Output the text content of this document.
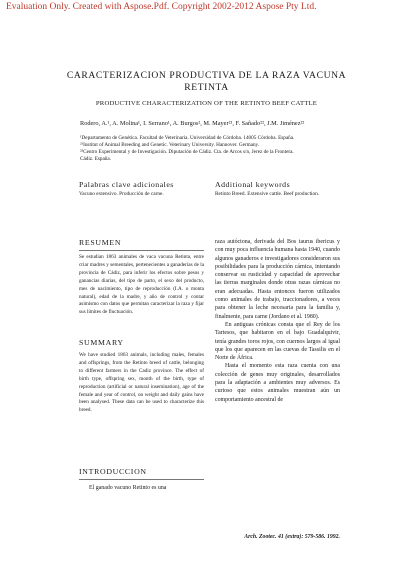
Evaluation Only. Created with Aspose.Pdf. Copyright 2002-2012 Aspose Pty Ltd.
CARACTERIZACION PRODUCTIVA DE LA RAZA VACUNA
RETINTA
PRODUCTIVE CHARACTERIZATION OF THE RETINTO BEEF CATTLE
Rodero, A.¹, A. Molina¹, I. Serrano¹, A. Burgos², M. Mayer²¹, F. Sañado²², J.M. Jiménez²²
¹Departamento de Genética. Facultad de Veterinaria. Universidad de Córdoba. 14005 Córdoba. España.
²¹Institut of Animal Breeding and Genetic. Veterinary University. Hannover. Germany.
²²Centro Experimental y de Investigación. Diputación de Cádiz. Cta. de Arcos s/n, Jerez de la Frontera.
Cádiz. España.
Palabras clave adicionales
Vacuno extensivo. Producción de carne.
Additional keywords
Retinto Breed. Extensive cattle. Beef production.
RESUMEN
Se estudian 1863 animales de vaca vacuna Retinta, entre criar madres y sementales, pertenecientes a ganaderías de la provincia de Cádiz, para inferir los efectos sobre pesos y ganancias diarias, del tipo de parto, el sexo del producto, mes de nacimiento, tipo de reproducción (I.A. o monta natural), edad de la madre, y año de control y contar asimismo con datos que permitan caracterizar la raza y fijar sus límites de fluctuación.
SUMMARY
We have studied 1863 animals, including males, females and offsprings, from the Retinto breed of cattle, belonging to different farmers in the Cadiz province. The effect of birth type, offspring sex, month of the birth, type of reproduction (artificial or natural insemination), age of the female and year of control, on weight and daily gains have been analysed. These data can be used to characterize this breed.
INTRODUCCION

El ganado vacuno Retinto es una

raza autóctona, derivada del Bos taurus ibericus y con muy poca influencia humana hasta 1940, cuando algunos ganaderos e investigadores consideraron sus posibilidades para la producción cárnica, intentando conservar su rusticidad y capacidad de aprovechar las tierras marginales donde otras razas cárnicas no eran adecuadas. Hasta entonces fueron utilizados como animales de trabajo, traccionadores, a veces para obtener la leche necesaria para la familia y, finalmente, para carne (Jordano et al. 1980).

En antiguas crónicas consta que el Rey de los Tartesos, que habitaron en el bajo Guadalquivir, tenía grandes toros rojos, con cuernos largos al igual que los que aparecen en las cuevas de Tassilis en el Norte de África.

Hasta el momento esta raza cuenta con una colección de genes muy originales, desarrollados para la adaptación a ambientes muy adversos. Es curioso que estos animales muestran aún un comportamiento ancestral de

Arch. Zootec. 41 (extra): 579-586. 1992.
